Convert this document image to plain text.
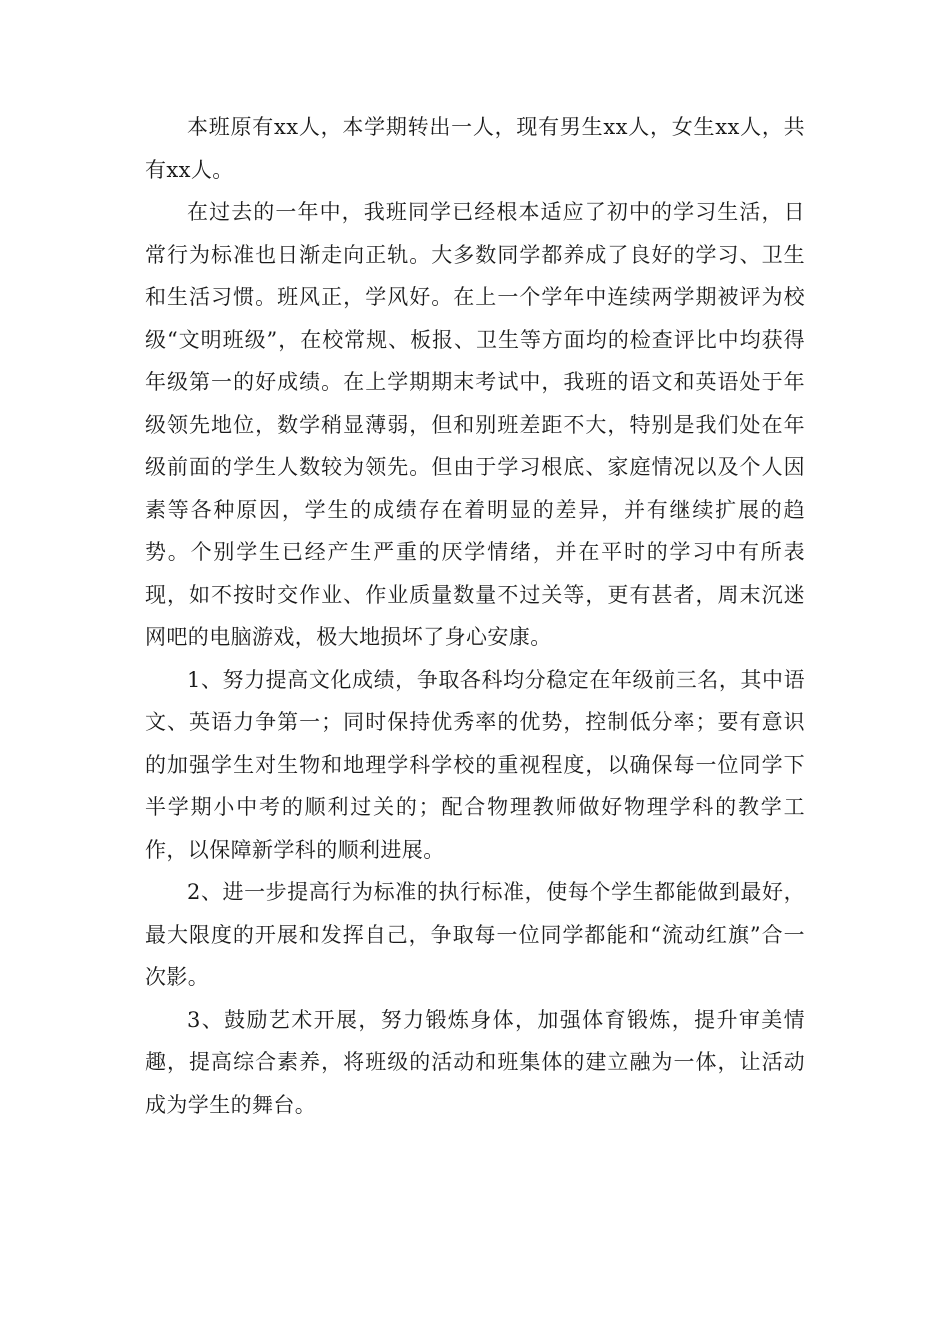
本班原有xx人，本学期转出一人，现有男生xx人，女生xx人，共有xx人。

在过去的一年中，我班同学已经根本适应了初中的学习生活，日常行为标准也日渐走向正轨。大多数同学都养成了良好的学习、卫生和生活习惯。班风正，学风好。在上一个学年中连续两学期被评为校级“文明班级”，在校常规、板报、卫生等方面均的检查评比中均获得年级第一的好成绩。在上学期期末考试中，我班的语文和英语处于年级领先地位，数学稍显薄弱，但和别班差距不大，特别是我们处在年级前面的学生人数较为领先。但由于学习根底、家庭情况以及个人因素等各种原因，学生的成绩存在着明显的差异，并有继续扩展的趋势。个别学生已经产生严重的厌学情绪，并在平时的学习中有所表现，如不按时交作业、作业质量数量不过关等，更有甚者，周末沉迷网吧的电脑游戏，极大地损坏了身心安康。

1、努力提高文化成绩，争取各科均分稳定在年级前三名，其中语文、英语力争第一；同时保持优秀率的优势，控制低分率；要有意识的加强学生对生物和地理学科学校的重视程度，以确保每一位同学下半学期小中考的顺利过关的；配合物理教师做好物理学科的教学工作，以保障新学科的顺利进展。

2、进一步提高行为标准的执行标准，使每个学生都能做到最好，最大限度的开展和发挥自己，争取每一位同学都能和“流动红旗”合一次影。

3、鼓励艺术开展，努力锻炼身体，加强体育锻炼，提升审美情趣，提高综合素养，将班级的活动和班集体的建立融为一体，让活动成为学生的舞台。
